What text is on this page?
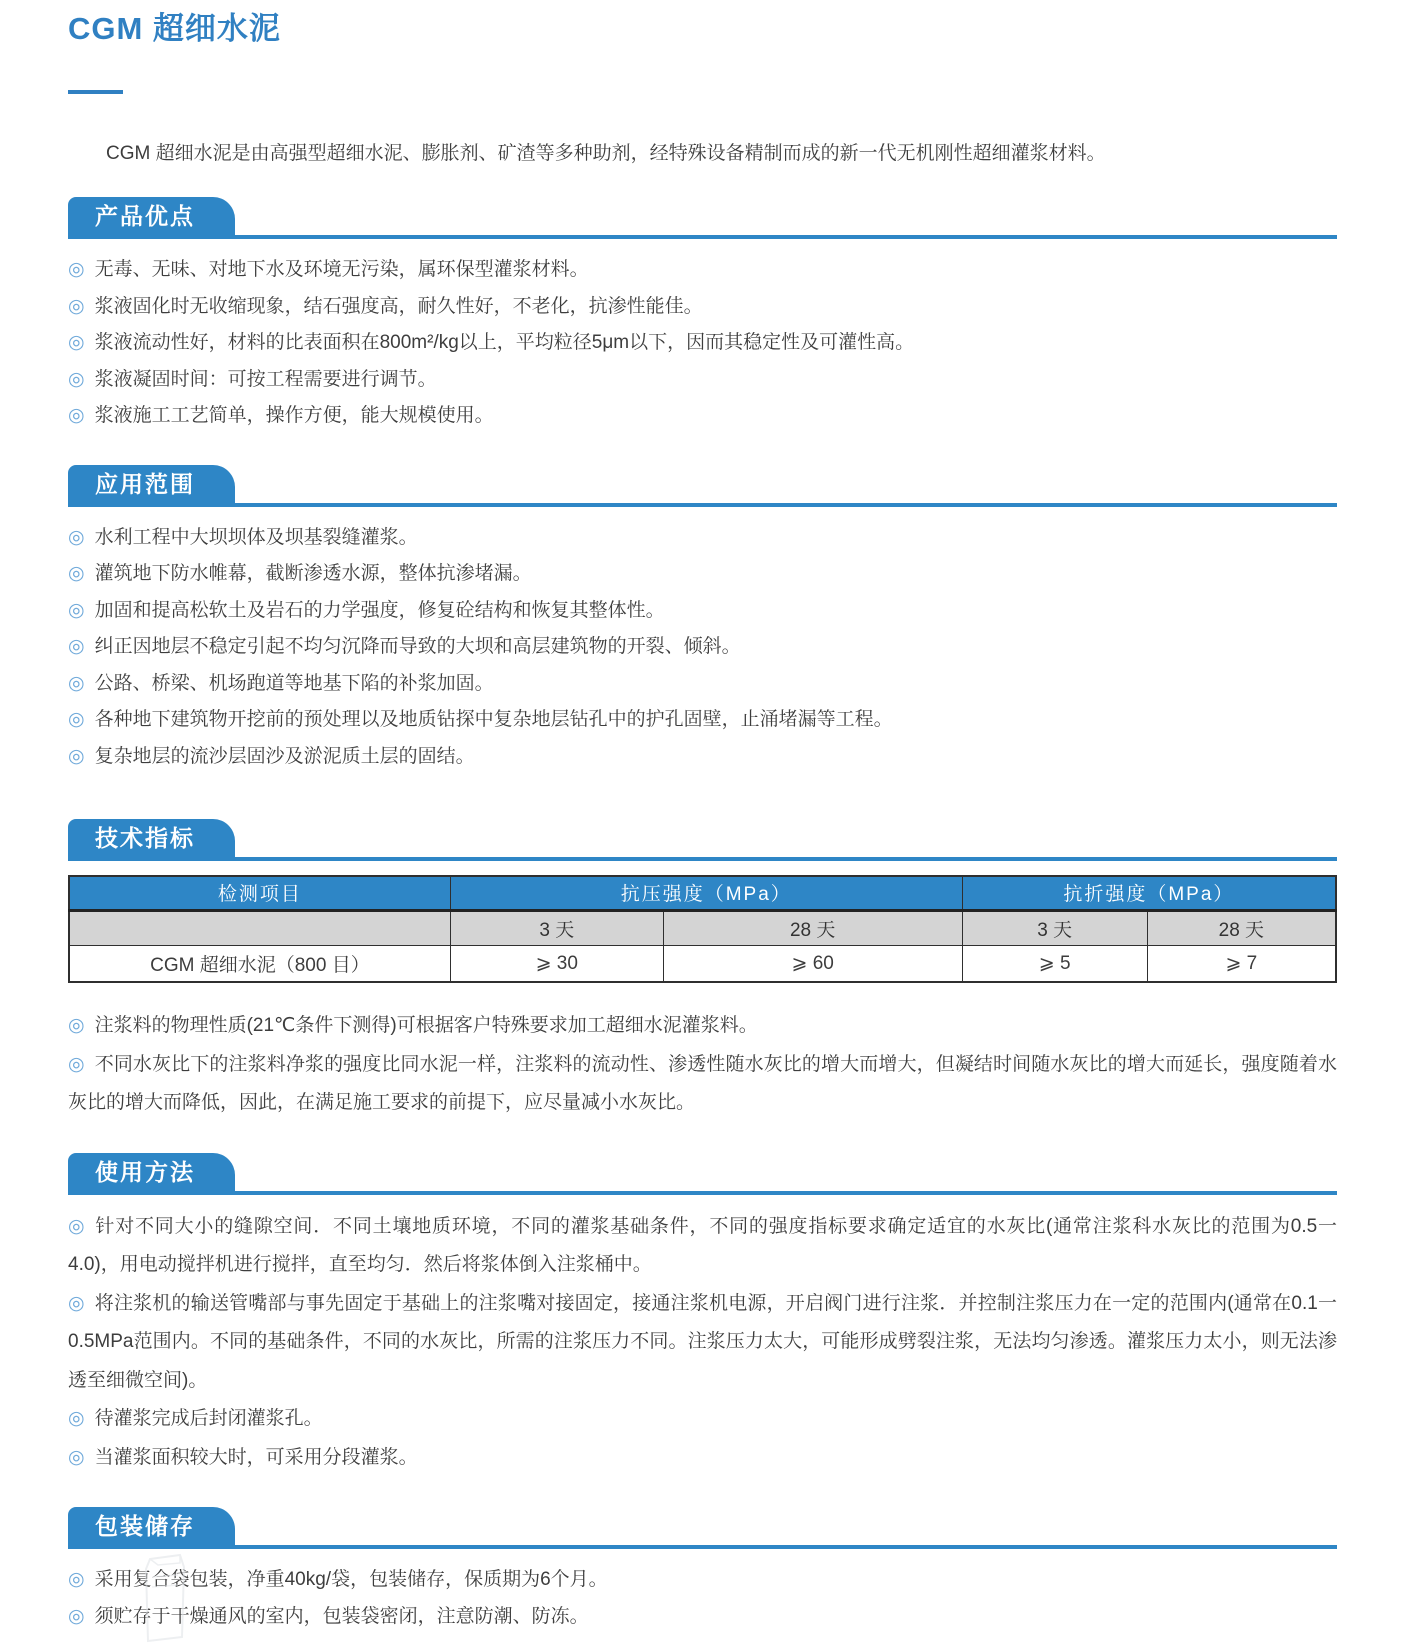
CGM 超细水泥

CGM 超细水泥是由高强型超细水泥、膨胀剂、矿渣等多种助剂，经特殊设备精制而成的新一代无机刚性超细灌浆材料。

产品优点

◎ 无毒、无味、对地下水及环境无污染，属环保型灌浆材料。

◎ 浆液固化时无收缩现象，结石强度高，耐久性好，不老化，抗渗性能佳。

◎ 浆液流动性好，材料的比表面积在800m²/kg以上，平均粒径5μm以下，因而其稳定性及可灌性高。

◎ 浆液凝固时间：可按工程需要进行调节。

◎ 浆液施工工艺简单，操作方便，能大规模使用。

应用范围

◎ 水利工程中大坝坝体及坝基裂缝灌浆。

◎ 灌筑地下防水帷幕，截断渗透水源，整体抗渗堵漏。

◎ 加固和提高松软土及岩石的力学强度，修复砼结构和恢复其整体性。

◎ 纠正因地层不稳定引起不均匀沉降而导致的大坝和高层建筑物的开裂、倾斜。

◎ 公路、桥梁、机场跑道等地基下陷的补浆加固。

◎ 各种地下建筑物开挖前的预处理以及地质钻探中复杂地层钻孔中的护孔固壁，止涌堵漏等工程。

◎ 复杂地层的流沙层固沙及淤泥质土层的固结。

技术指标
检测项目	抗压强度（MPa）		抗折强度（MPa）	
	3 天	28 天	3 天	28 天
CGM 超细水泥（800 目）	⩾ 30	⩾ 60	⩾ 5	⩾ 7

◎ 注浆料的物理性质(21℃条件下测得)可根据客户特殊要求加工超细水泥灌浆料。

◎ 不同水灰比下的注浆料净浆的强度比同水泥一样，注浆料的流动性、渗透性随水灰比的增大而增大，但凝结时间随水灰比的增大而延长，强度随着水灰比的增大而降低，因此，在满足施工要求的前提下，应尽量减小水灰比。

使用方法

◎ 针对不同大小的缝隙空间．不同土壤地质环境，不同的灌浆基础条件，不同的强度指标要求确定适宜的水灰比(通常注浆科水灰比的范围为0.5一4.0)，用电动搅拌机进行搅拌，直至均匀．然后将浆体倒入注浆桶中。

◎ 将注浆机的输送管嘴部与事先固定于基础上的注浆嘴对接固定，接通注浆机电源，开启阀门进行注浆．并控制注浆压力在一定的范围内(通常在0.1一0.5MPa范围内。不同的基础条件，不同的水灰比，所需的注浆压力不同。注浆压力太大，可能形成劈裂注浆，无法均匀渗透。灌浆压力太小，则无法渗透至细微空间)。

◎ 待灌浆完成后封闭灌浆孔。

◎ 当灌浆面积较大时，可采用分段灌浆。

包装储存

◎ 采用复合袋包装，净重40kg/袋，包装储存，保质期为6个月。

◎ 须贮存于干燥通风的室内，包装袋密闭，注意防潮、防冻。
